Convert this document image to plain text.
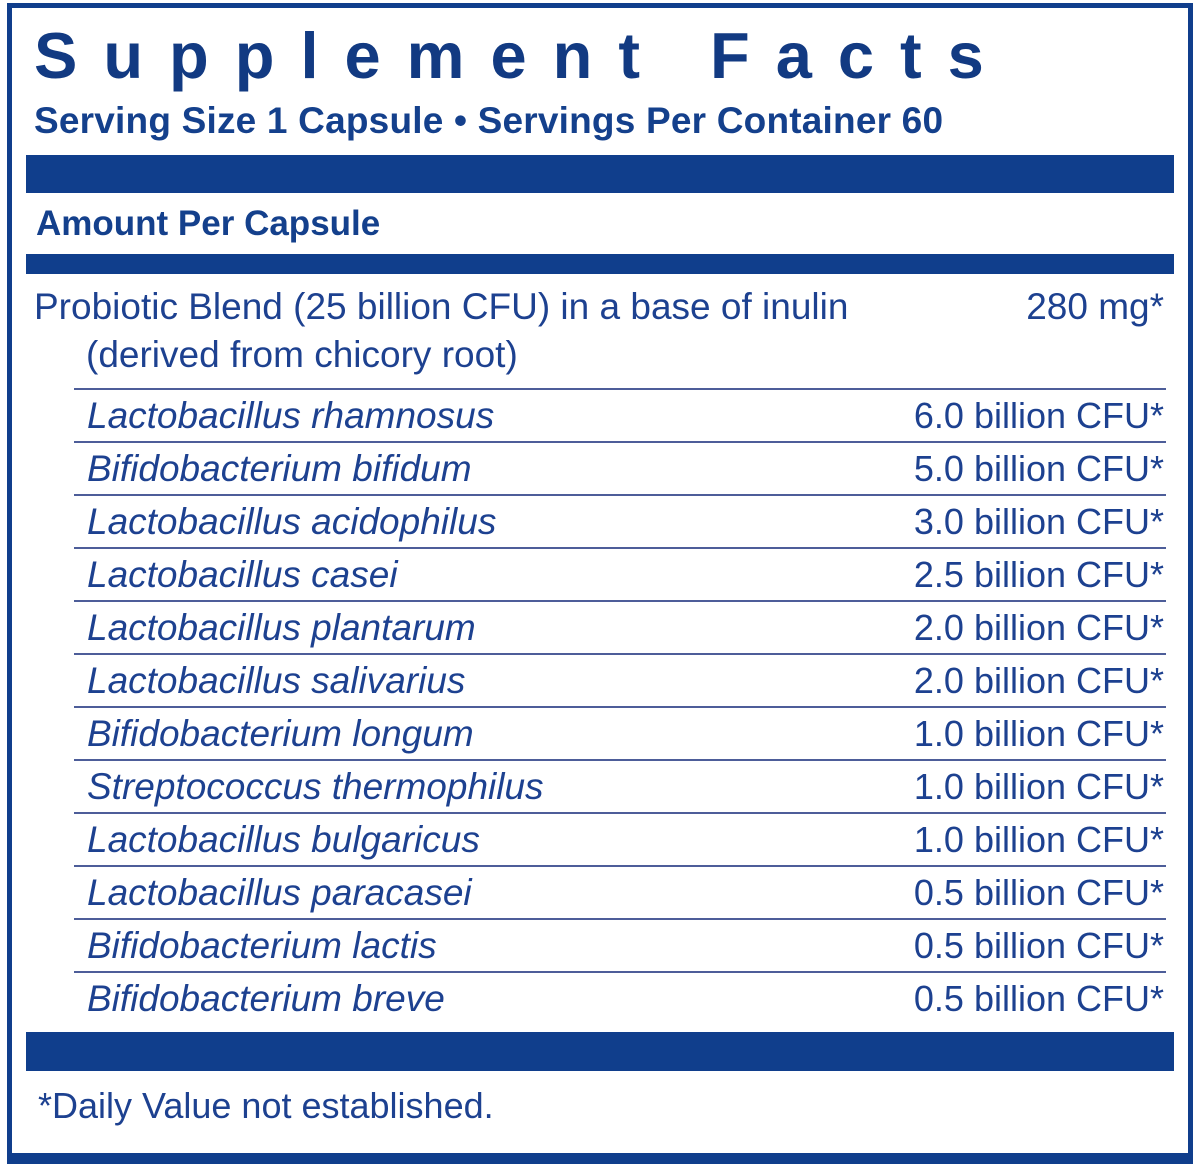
Supplement Facts
Serving Size 1 Capsule • Servings Per Container 60
Amount Per Capsule
Probiotic Blend (25 billion CFU) in a base of inulin	280 mg*
(derived from chicory root)
Lactobacillus rhamnosus	6.0 billion CFU*
Bifidobacterium bifidum	5.0 billion CFU*
Lactobacillus acidophilus	3.0 billion CFU*
Lactobacillus casei	2.5 billion CFU*
Lactobacillus plantarum	2.0 billion CFU*
Lactobacillus salivarius	2.0 billion CFU*
Bifidobacterium longum	1.0 billion CFU*
Streptococcus thermophilus	1.0 billion CFU*
Lactobacillus bulgaricus	1.0 billion CFU*
Lactobacillus paracasei	0.5 billion CFU*
Bifidobacterium lactis	0.5 billion CFU*
Bifidobacterium breve	0.5 billion CFU*
*Daily Value not established.
